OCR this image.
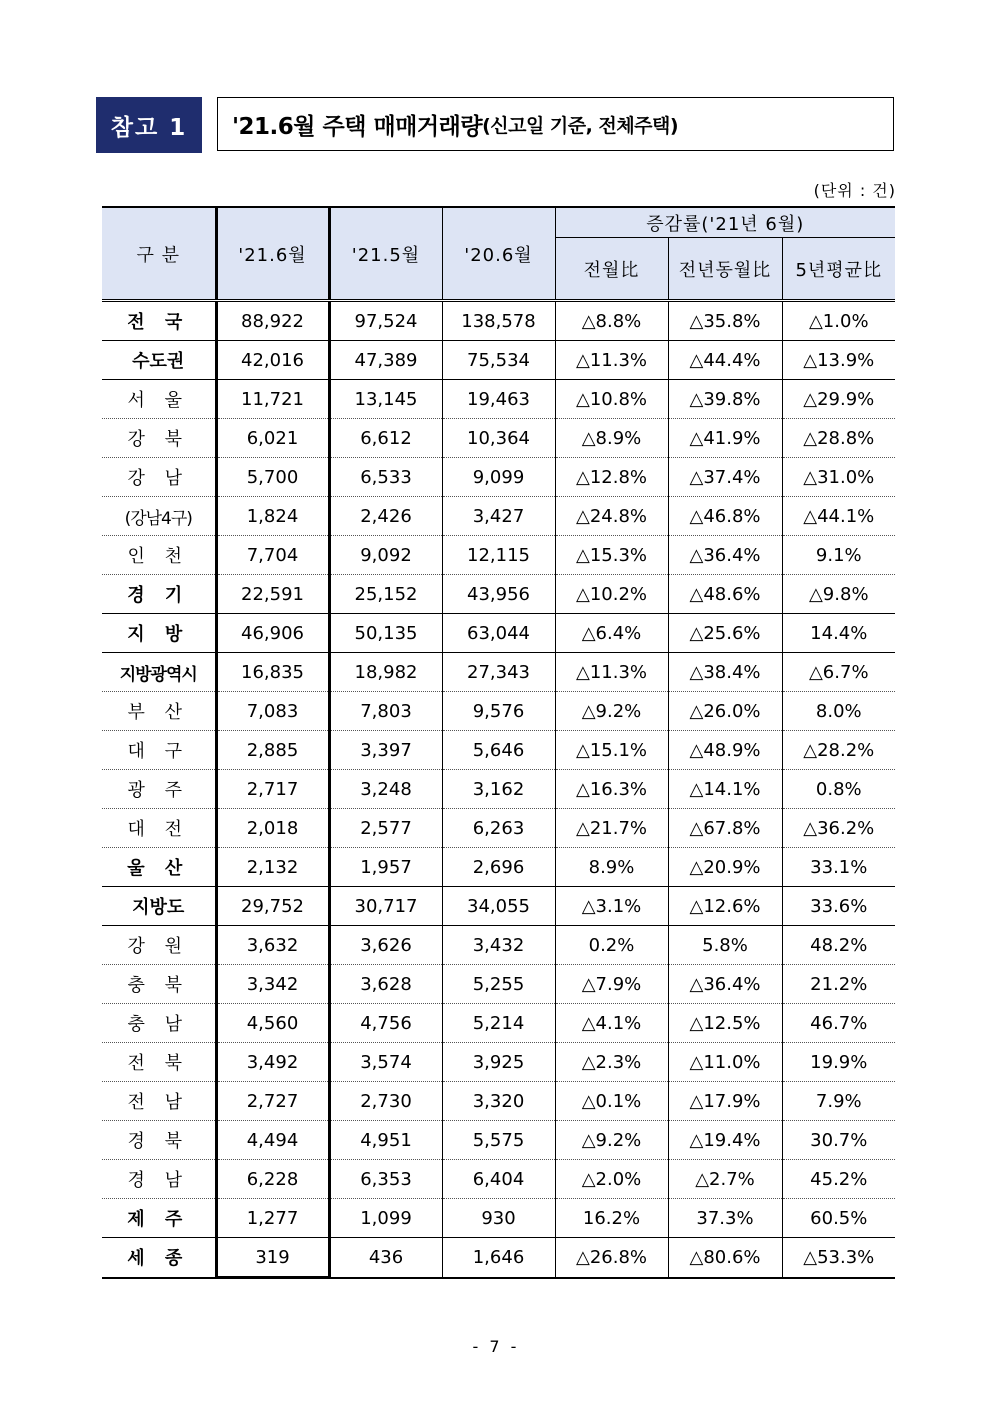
참고 1	'21.6월 주택 매매거래량 (신고일 기준, 전체주택)
(단위 : 건)
구 분	'21.6월	'21.5월	'20.6월	증감률('21년 6월)		
				전월比	전년동월比	5년평균比
전 국	88,922	97,524	138,578	△8.8%	△35.8%	△1.0%
수도권	42,016	47,389	75,534	△11.3%	△44.4%	△13.9%
서 울	11,721	13,145	19,463	△10.8%	△39.8%	△29.9%
강 북	6,021	6,612	10,364	△8.9%	△41.9%	△28.8%
강 남	5,700	6,533	9,099	△12.8%	△37.4%	△31.0%
(강남4구)	1,824	2,426	3,427	△24.8%	△46.8%	△44.1%
인 천	7,704	9,092	12,115	△15.3%	△36.4%	9.1%
경 기	22,591	25,152	43,956	△10.2%	△48.6%	△9.8%
지 방	46,906	50,135	63,044	△6.4%	△25.6%	14.4%
지방광역시	16,835	18,982	27,343	△11.3%	△38.4%	△6.7%
부 산	7,083	7,803	9,576	△9.2%	△26.0%	8.0%
대 구	2,885	3,397	5,646	△15.1%	△48.9%	△28.2%
광 주	2,717	3,248	3,162	△16.3%	△14.1%	0.8%
대 전	2,018	2,577	6,263	△21.7%	△67.8%	△36.2%
울 산	2,132	1,957	2,696	8.9%	△20.9%	33.1%
지방도	29,752	30,717	34,055	△3.1%	△12.6%	33.6%
강 원	3,632	3,626	3,432	0.2%	5.8%	48.2%
충 북	3,342	3,628	5,255	△7.9%	△36.4%	21.2%
충 남	4,560	4,756	5,214	△4.1%	△12.5%	46.7%
전 북	3,492	3,574	3,925	△2.3%	△11.0%	19.9%
전 남	2,727	2,730	3,320	△0.1%	△17.9%	7.9%
경 북	4,494	4,951	5,575	△9.2%	△19.4%	30.7%
경 남	6,228	6,353	6,404	△2.0%	△2.7%	45.2%
제 주	1,277	1,099	930	16.2%	37.3%	60.5%
세 종	319	436	1,646	△26.8%	△80.6%	△53.3%
- 7 -
